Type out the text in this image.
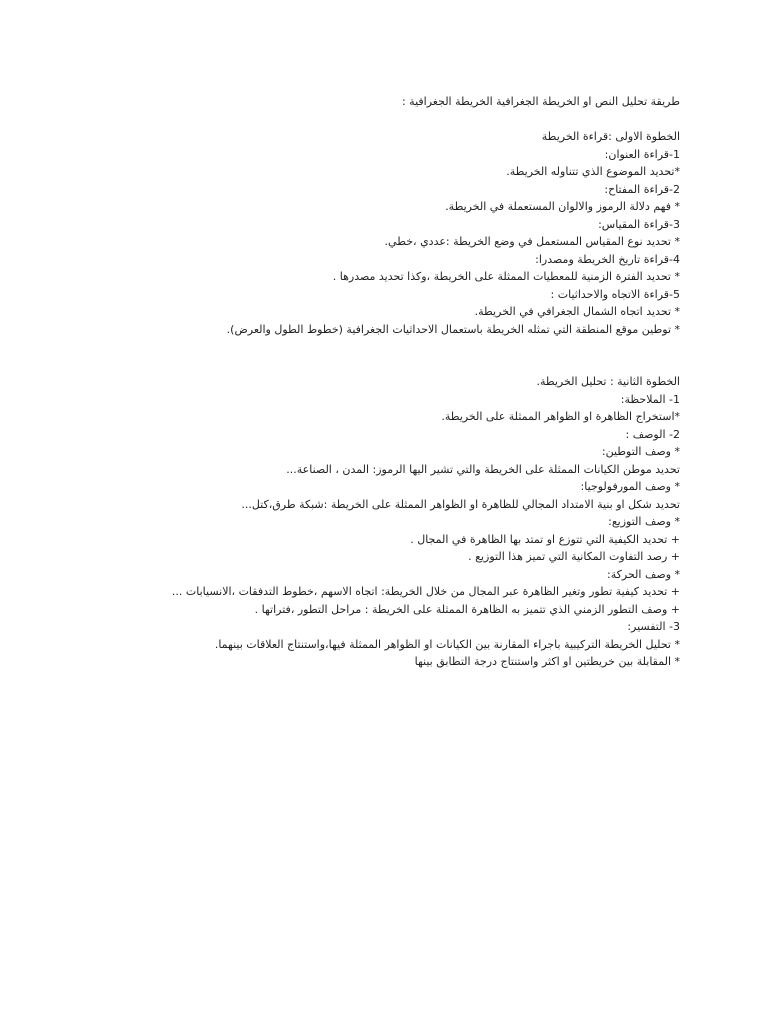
طريقة تحليل النص او الخريطة الجغرافية الخريطة الجغرافية :
الخطوة الاولى :قراءة الخريطة
1-قراءة العنوان:
*تحديد الموضوع الذي تتناوله الخريطة.
2-قراءة المفتاح:
* فهم دلالة الرموز والالوان المستعملة في الخريطة.
3-قراءة المقياس:
* تحديد نوع المقياس المستعمل في وضع الخريطة :عددي ،خطي.
4-قراءة تاريخ الخريطة ومصدرا:
* تحديد الفترة الزمنية للمعطيات الممثلة على الخريطة ،وكذا تحديد مصدرها .
5-قراءة الاتجاه والاحداثيات :
* تحديد اتجاه الشمال الجغرافي في الخريطة.
* توطين موقع المنطقة التي تمثله الخريطة باستعمال الاحداثيات الجغرافية (خطوط الطول والعرض).
الخطوة الثانية : تحليل الخريطة.
1- الملاحظة:
*استخراج الظاهرة او الظواهر الممثلة على الخريطة.
2- الوصف :
* وصف التوطين:
تحديد موطن الكيانات الممثلة على الخريطة والتي تشير اليها الرموز: المدن ، الصناعة...
* وصف المورفولوجيا:
تحديد شكل او بنية الامتداد المجالي للظاهرة او الظواهر الممثلة على الخريطة :شبكة طرق،كتل...
* وصف التوزيع:
+ تحديد الكيفية التي تتوزع او تمتد بها الظاهرة في المجال .
+ رصد التفاوت المكانية التي تميز هذا التوزيع .
* وصف الحركة:
+ تحديد كيفية تطور وتغير الظاهرة عبر المجال من خلال الخريطة: اتجاه الاسهم ،خطوط التدفقات ،الانسيابات ...
+ وصف التطور الزمني الذي تتميز به الظاهرة الممثلة على الخريطة : مراحل التطور ،فتراتها .
3- التفسير:
* تحليل الخريطة التركيبية باجراء المقارنة بين الكيانات او الظواهر الممثلة فيها،واستنتاج العلاقات بينهما.
* المقابلة بين خريطتين او اكثر واستنتاج درجة التطابق بينها
